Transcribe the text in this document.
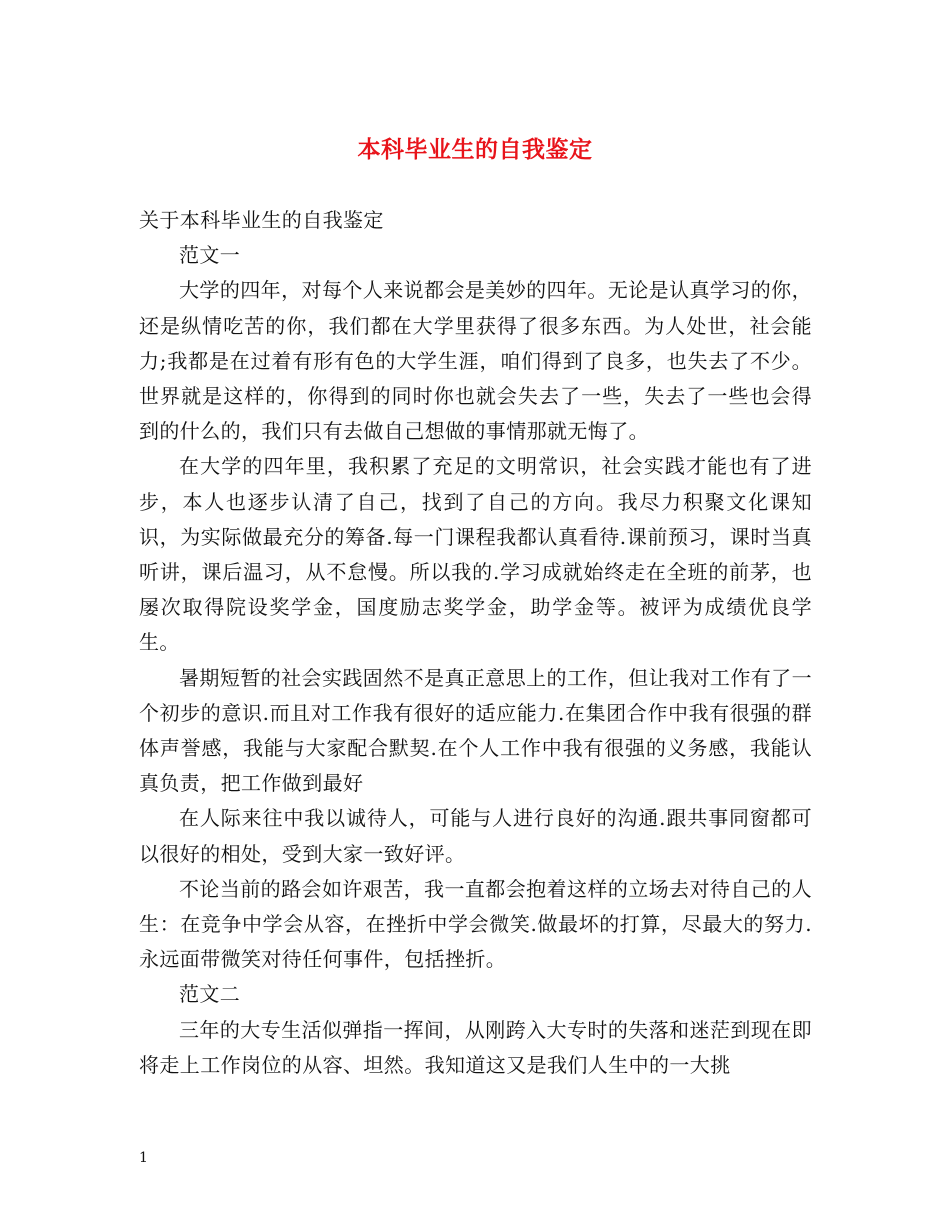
本科毕业生的自我鉴定

关于本科毕业生的自我鉴定

范文一

大学的四年，对每个人来说都会是美妙的四年。无论是认真学习的你，还是纵情吃苦的你，我们都在大学里获得了很多东西。为人处世，社会能力;我都是在过着有形有色的大学生涯，咱们得到了良多，也失去了不少。世界就是这样的，你得到的同时你也就会失去了一些，失去了一些也会得到的什么的，我们只有去做自己想做的事情那就无悔了。

在大学的四年里，我积累了充足的文明常识，社会实践才能也有了进步，本人也逐步认清了自己，找到了自己的方向。我尽力积聚文化课知识，为实际做最充分的筹备.每一门课程我都认真看待.课前预习，课时当真听讲，课后温习，从不怠慢。所以我的.学习成就始终走在全班的前茅，也屡次取得院设奖学金，国度励志奖学金，助学金等。被评为成绩优良学生。

暑期短暂的社会实践固然不是真正意思上的工作，但让我对工作有了一个初步的意识.而且对工作我有很好的适应能力.在集团合作中我有很强的群体声誉感，我能与大家配合默契.在个人工作中我有很强的义务感，我能认真负责，把工作做到最好

在人际来往中我以诚待人，可能与人进行良好的沟通.跟共事同窗都可以很好的相处，受到大家一致好评。

不论当前的路会如许艰苦，我一直都会抱着这样的立场去对待自己的人生：在竞争中学会从容，在挫折中学会微笑.做最坏的打算，尽最大的努力.永远面带微笑对待任何事件，包括挫折。

范文二

三年的大专生活似弹指一挥间，从刚跨入大专时的失落和迷茫到现在即将走上工作岗位的从容、坦然。我知道这又是我们人生中的一大挑

1
